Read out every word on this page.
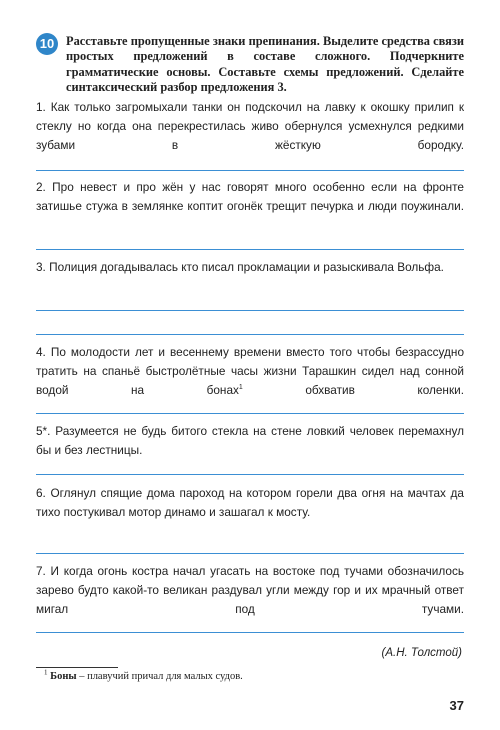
10 Расставьте пропущенные знаки препинания. Выделите средства связи простых предложений в составе сложного. Подчеркните грамматические основы. Составьте схемы предложений. Сделайте синтаксический разбор предложения 3.

1. Как только загромыхали танки он подскочил на лавку к окошку прилип к стеклу но когда она перекрестилась живо обернулся усмехнулся редкими зубами в жёсткую бородку.

2. Про невест и про жён у нас говорят много особенно если на фронте затишье стужа в землянке коптит огонёк трещит печурка и люди поужинали.

3. Полиция догадывалась кто писал прокламации и разыскивала Вольфа.

4. По молодости лет и весеннему времени вместо того чтобы безрассудно тратить на спаньё быстролётные часы жизни Тарашкин сидел над сонной водой на бонах$^1$ обхватив коленки.

5*. Разумеется не будь битого стекла на стене ловкий человек перемахнул бы и без лестницы.

6. Оглянул спящие дома пароход на котором горели два огня на мачтах да тихо постукивал мотор динамо и зашагал к мосту.

7. И когда огонь костра начал угасать на востоке под тучами обозначилось зарево будто какой-то великан раздувал угли между гор и их мрачный ответ мигал под тучами.

(А.Н. Толстой)

$^1$ Боны – плавучий причал для малых судов.

37
